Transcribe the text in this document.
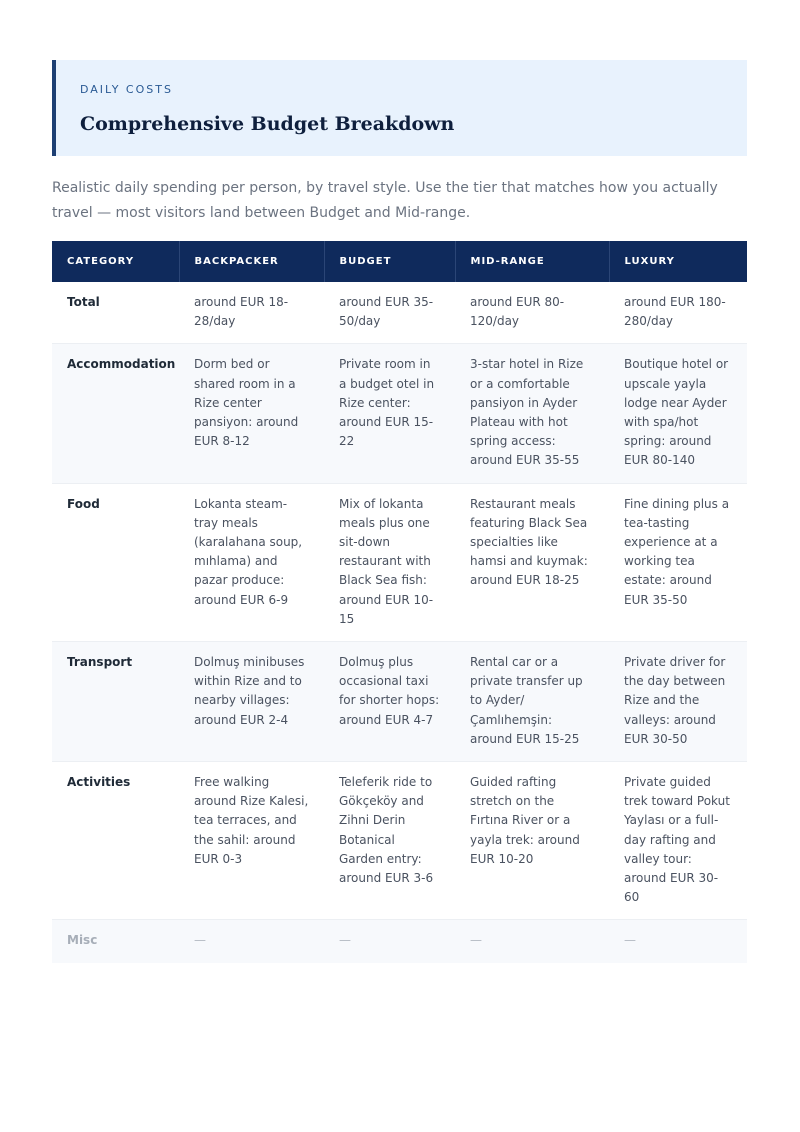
DAILY COSTS
Comprehensive Budget Breakdown
Realistic daily spending per person, by travel style. Use the tier that matches how you actually travel — most visitors land between Budget and Mid-range.
CATEGORY	BACKPACKER	BUDGET	MID-RANGE	LUXURY
Total	around EUR 18-28/day	around EUR 35-50/day	around EUR 80-120/day	around EUR 180-280/day
Accommodation	Dorm bed or shared room in a Rize center pansiyon: around EUR 8-12	Private room in a budget otel in Rize center: around EUR 15-22	3-star hotel in Rize or a comfortable pansiyon in Ayder Plateau with hot spring access: around EUR 35-55	Boutique hotel or upscale yayla lodge near Ayder with spa/hot spring: around EUR 80-140
Food	Lokanta steam-tray meals (karalahana soup, mıhlama) and pazar produce: around EUR 6-9	Mix of lokanta meals plus one sit-down restaurant with Black Sea fish: around EUR 10-15	Restaurant meals featuring Black Sea specialties like hamsi and kuymak: around EUR 18-25	Fine dining plus a tea-tasting experience at a working tea estate: around EUR 35-50
Transport	Dolmuş minibuses within Rize and to nearby villages: around EUR 2-4	Dolmuş plus occasional taxi for shorter hops: around EUR 4-7	Rental car or a private transfer up to Ayder/Çamlıhemşin: around EUR 15-25	Private driver for the day between Rize and the valleys: around EUR 30-50
Activities	Free walking around Rize Kalesi, tea terraces, and the sahil: around EUR 0-3	Teleferik ride to Gökçeköy and Zihni Derin Botanical Garden entry: around EUR 3-6	Guided rafting stretch on the Fırtına River or a yayla trek: around EUR 10-20	Private guided trek toward Pokut Yaylası or a full-day rafting and valley tour: around EUR 30-60
Misc	—	—	—	—
